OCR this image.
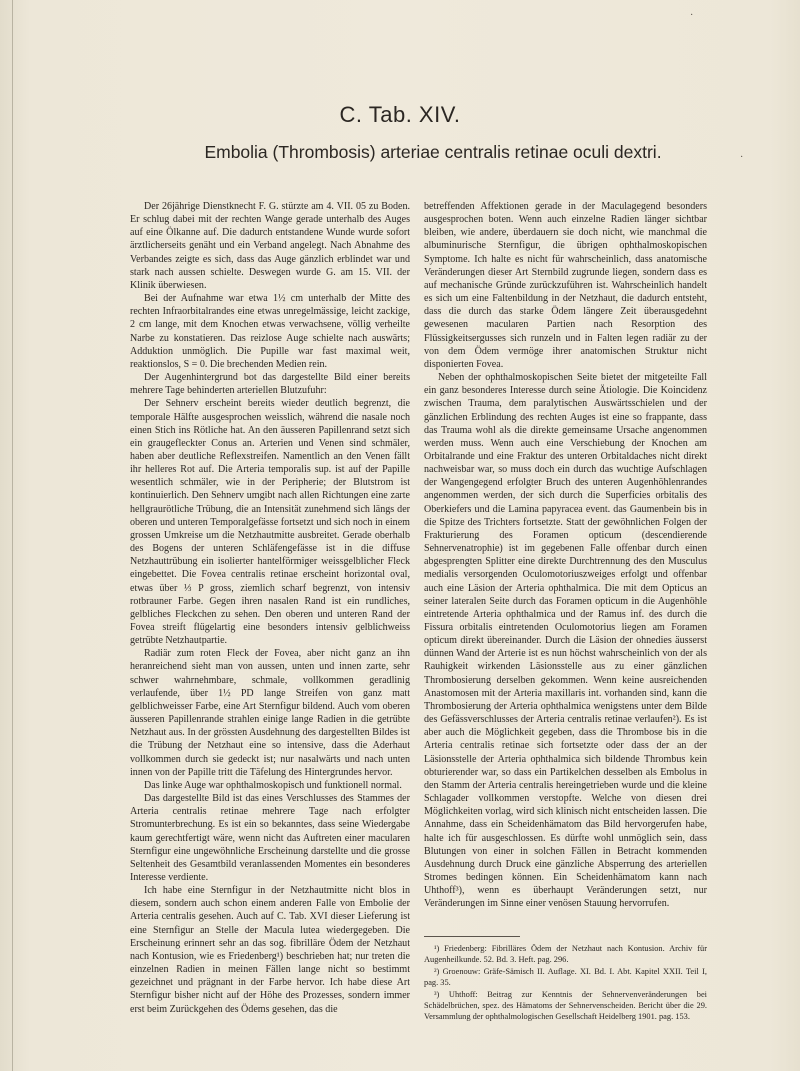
·
·
C. Tab. XIV.
Embolia (Thrombosis) arteriae centralis retinae oculi dextri.

Der 26jährige Dienstknecht F. G. stürzte am 4. VII. 05 zu Boden. Er schlug dabei mit der rechten Wange gerade unterhalb des Auges auf eine Ölkanne auf. Die dadurch entstandene Wunde wurde sofort ärztlicherseits genäht und ein Verband angelegt. Nach Abnahme des Verbandes zeigte es sich, dass das Auge gänzlich erblindet war und stark nach aussen schielte. Deswegen wurde G. am 15. VII. der Klinik überwiesen.

Bei der Aufnahme war etwa 1½ cm unterhalb der Mitte des rechten Infraorbitalrandes eine etwas unregelmässige, leicht zackige, 2 cm lange, mit dem Knochen etwas verwachsene, völlig verheilte Narbe zu konstatieren. Das reizlose Auge schielte nach auswärts; Adduktion unmöglich. Die Pupille war fast maximal weit, reaktionslos, S = 0. Die brechenden Medien rein.

Der Augenhintergrund bot das dargestellte Bild einer bereits mehrere Tage behinderten arteriellen Blutzufuhr:

Der Sehnerv erscheint bereits wieder deutlich begrenzt, die temporale Hälfte ausgesprochen weisslich, während die nasale noch einen Stich ins Rötliche hat. An den äusseren Papillenrand setzt sich ein graugefleckter Conus an. Arterien und Venen sind schmäler, haben aber deutliche Reflexstreifen. Namentlich an den Venen fällt ihr helleres Rot auf. Die Arteria temporalis sup. ist auf der Papille wesentlich schmäler, wie in der Peripherie; der Blutstrom ist kontinuierlich. Den Sehnerv umgibt nach allen Richtungen eine zarte hellgraurötliche Trübung, die an Intensität zunehmend sich längs der oberen und unteren Temporalgefässe fortsetzt und sich noch in einem grossen Umkreise um die Netzhautmitte ausbreitet. Gerade oberhalb des Bogens der unteren Schläfengefässe ist in die diffuse Netzhauttrübung ein isolierter hantelförmiger weissgelblicher Fleck eingebettet. Die Fovea centralis retinae erscheint horizontal oval, etwas über ⅓ P gross, ziemlich scharf begrenzt, von intensiv rotbrauner Farbe. Gegen ihren nasalen Rand ist ein rundliches, gelbliches Fleckchen zu sehen. Den oberen und unteren Rand der Fovea streift flügelartig eine besonders intensiv gelblichweiss getrübte Netzhautpartie.

Radiär zum roten Fleck der Fovea, aber nicht ganz an ihn heranreichend sieht man von aussen, unten und innen zarte, sehr schwer wahrnehmbare, schmale, vollkommen geradlinig verlaufende, über 1½ PD lange Streifen von ganz matt gelblichweisser Farbe, eine Art Sternfigur bildend. Auch vom oberen äusseren Papillenrande strahlen einige lange Radien in die getrübte Netzhaut aus. In der grössten Ausdehnung des dargestellten Bildes ist die Trübung der Netzhaut eine so intensive, dass die Aderhaut vollkommen durch sie gedeckt ist; nur nasalwärts und nach unten innen von der Papille tritt die Täfelung des Hintergrundes hervor.

Das linke Auge war ophthalmoskopisch und funktionell normal.

Das dargestellte Bild ist das eines Verschlusses des Stammes der Arteria centralis retinae mehrere Tage nach erfolgter Stromunterbrechung. Es ist ein so bekanntes, dass seine Wiedergabe kaum gerechtfertigt wäre, wenn nicht das Auftreten einer macularen Sternfigur eine ungewöhnliche Erscheinung darstellte und die grosse Seltenheit des Gesamtbild veranlassenden Momentes ein besonderes Interesse verdiente.

Ich habe eine Sternfigur in der Netzhautmitte nicht blos in diesem, sondern auch schon einem anderen Falle von Embolie der Arteria centralis gesehen. Auch auf C. Tab. XVI dieser Lieferung ist eine Sternfigur an Stelle der Macula lutea wiedergegeben. Die Erscheinung erinnert sehr an das sog. fibrilläre Ödem der Netzhaut nach Kontusion, wie es Friedenberg¹) beschrieben hat; nur treten die einzelnen Radien in meinen Fällen lange nicht so bestimmt gezeichnet und prägnant in der Farbe hervor. Ich habe diese Art Sternfigur bisher nicht auf der Höhe des Prozesses, sondern immer erst beim Zurückgehen des Ödems gesehen, das die

betreffenden Affektionen gerade in der Maculagegend besonders ausgesprochen boten. Wenn auch einzelne Radien länger sichtbar bleiben, wie andere, überdauern sie doch nicht, wie manchmal die albuminurische Sternfigur, die übrigen ophthalmoskopischen Symptome. Ich halte es nicht für wahrscheinlich, dass anatomische Veränderungen dieser Art Sternbild zugrunde liegen, sondern dass es auf mechanische Gründe zurückzuführen ist. Wahrscheinlich handelt es sich um eine Faltenbildung in der Netzhaut, die dadurch entsteht, dass die durch das starke Ödem längere Zeit überausgedehnt gewesenen macularen Partien nach Resorption des Flüssigkeitsergusses sich runzeln und in Falten legen radiär zu der von dem Ödem vermöge ihrer anatomischen Struktur nicht disponierten Fovea.

Neben der ophthalmoskopischen Seite bietet der mitgeteilte Fall ein ganz besonderes Interesse durch seine Ätiologie. Die Koincidenz zwischen Trauma, dem paralytischen Auswärtsschielen und der gänzlichen Erblindung des rechten Auges ist eine so frappante, dass das Trauma wohl als die direkte gemeinsame Ursache angenommen werden muss. Wenn auch eine Verschiebung der Knochen am Orbitalrande und eine Fraktur des unteren Orbitaldaches nicht direkt nachweisbar war, so muss doch ein durch das wuchtige Aufschlagen der Wangengegend erfolgter Bruch des unteren Augenhöhlenrandes angenommen werden, der sich durch die Superficies orbitalis des Oberkiefers und die Lamina papyracea event. das Gaumenbein bis in die Spitze des Trichters fortsetzte. Statt der gewöhnlichen Folgen der Frakturierung des Foramen opticum (descendierende Sehnervenatrophie) ist im gegebenen Falle offenbar durch einen abgesprengten Splitter eine direkte Durchtrennung des den Musculus medialis versorgenden Oculomotoriuszweiges erfolgt und offenbar auch eine Läsion der Arteria ophthalmica. Die mit dem Opticus an seiner lateralen Seite durch das Foramen opticum in die Augenhöhle eintretende Arteria ophthalmica und der Ramus inf. des durch die Fissura orbitalis eintretenden Oculomotorius liegen am Foramen opticum direkt übereinander. Durch die Läsion der ohnedies äusserst dünnen Wand der Arterie ist es nun höchst wahrscheinlich von der als Rauhigkeit wirkenden Läsionsstelle aus zu einer gänzlichen Thrombosierung derselben gekommen. Wenn keine ausreichenden Anastomosen mit der Arteria maxillaris int. vorhanden sind, kann die Thrombosierung der Arteria ophthalmica wenigstens unter dem Bilde des Gefässverschlusses der Arteria centralis retinae verlaufen²). Es ist aber auch die Möglichkeit gegeben, dass die Thrombose bis in die Arteria centralis retinae sich fortsetzte oder dass der an der Läsionsstelle der Arteria ophthalmica sich bildende Thrombus kein obturierender war, so dass ein Partikelchen desselben als Embolus in den Stamm der Arteria centralis hereingetrieben wurde und die kleine Schlagader vollkommen verstopfte. Welche von diesen drei Möglichkeiten vorlag, wird sich klinisch nicht entscheiden lassen. Die Annahme, dass ein Scheidenhämatom das Bild hervorgerufen habe, halte ich für ausgeschlossen. Es dürfte wohl unmöglich sein, dass Blutungen von einer in solchen Fällen in Betracht kommenden Ausdehnung durch Druck eine gänzliche Absperrung des arteriellen Stromes bedingen können. Ein Scheidenhämatom kann nach Uhthoff³), wenn es überhaupt Veränderungen setzt, nur Veränderungen im Sinne einer venösen Stauung hervorrufen.

¹) Friedenberg: Fibrilläres Ödem der Netzhaut nach Kontusion. Archiv für Augenheilkunde. 52. Bd. 3. Heft. pag. 296.

²) Groenouw: Gräfe-Sämisch II. Auflage. XI. Bd. I. Abt. Kapitel XXII. Teil I, pag. 35.

³) Uhthoff: Beitrag zur Kenntnis der Sehnervenveränderungen bei Schädelbrüchen, spez. des Hämatoms der Sehnervenscheiden. Bericht über die 29. Versammlung der ophthalmologischen Gesellschaft Heidelberg 1901. pag. 153.
